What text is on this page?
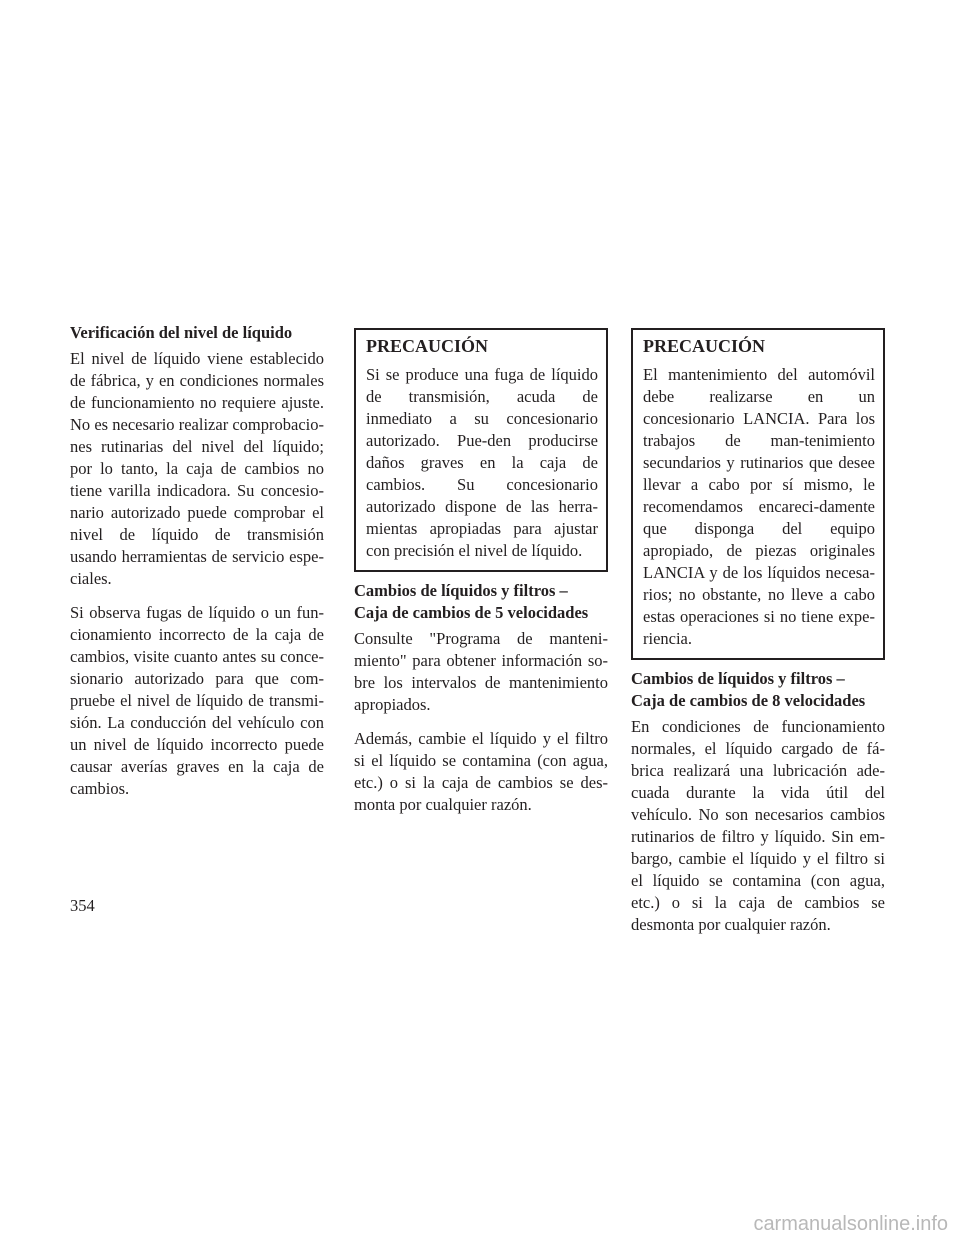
Verificación del nivel de líquido

El nivel de líquido viene establecido de fábrica, y en condiciones normales de funcionamiento no requiere ajuste. No es necesario realizar comprobacio-nes rutinarias del nivel del líquido; por lo tanto, la caja de cambios no tiene varilla indicadora. Su concesio-nario autorizado puede comprobar el nivel de líquido de transmisión usando herramientas de servicio espe-ciales.

Si observa fugas de líquido o un fun-cionamiento incorrecto de la caja de cambios, visite cuanto antes su conce-sionario autorizado para que com-pruebe el nivel de líquido de transmi-sión. La conducción del vehículo con un nivel de líquido incorrecto puede causar averías graves en la caja de cambios.

PRECAUCIÓN

Si se produce una fuga de líquido de transmisión, acuda de inmediato a su concesionario autorizado. Pue-den producirse daños graves en la caja de cambios. Su concesionario autorizado dispone de las herra-mientas apropiadas para ajustar con precisión el nivel de líquido.

Cambios de líquidos y filtros –
Caja de cambios de 5 velocidades

Consulte "Programa de manteni-miento" para obtener información so-bre los intervalos de mantenimiento apropiados.

Además, cambie el líquido y el filtro si el líquido se contamina (con agua, etc.) o si la caja de cambios se des-monta por cualquier razón.

PRECAUCIÓN

El mantenimiento del automóvil debe realizarse en un concesionario LANCIA. Para los trabajos de man-tenimiento secundarios y rutinarios que desee llevar a cabo por sí mismo, le recomendamos encareci-damente que disponga del equipo apropiado, de piezas originales LANCIA y de los líquidos necesa-rios; no obstante, no lleve a cabo estas operaciones si no tiene expe-riencia.

Cambios de líquidos y filtros –
Caja de cambios de 8 velocidades

En condiciones de funcionamiento normales, el líquido cargado de fá-brica realizará una lubricación ade-cuada durante la vida útil del vehículo. No son necesarios cambios rutinarios de filtro y líquido. Sin em-bargo, cambie el líquido y el filtro si el líquido se contamina (con agua, etc.) o si la caja de cambios se desmonta por cualquier razón.

354
carmanualsonline.info
